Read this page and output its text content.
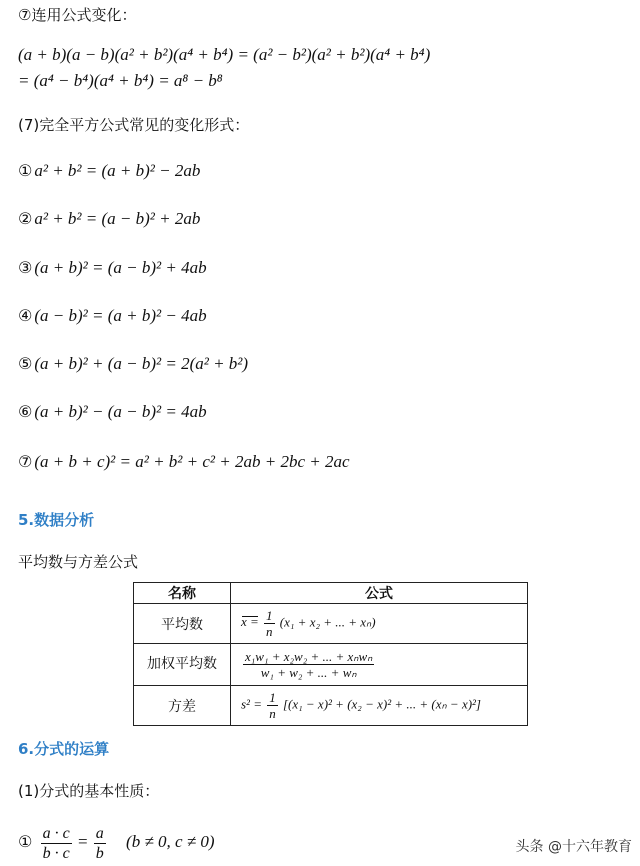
⑦连用公式变化：
(a + b)(a − b)(a² + b²)(a⁴ + b⁴) = (a² − b²)(a² + b²)(a⁴ + b⁴)
= (a⁴ − b⁴)(a⁴ + b⁴) = a⁸ − b⁸
(7)完全平方公式常见的变化形式：
① a² + b² = (a + b)² − 2ab
② a² + b² = (a − b)² + 2ab
③ (a + b)² = (a − b)² + 4ab
④ (a − b)² = (a + b)² − 4ab
⑤ (a + b)² + (a − b)² = 2(a² + b²)
⑥ (a + b)² − (a − b)² = 4ab
⑦ (a + b + c)² = a² + b² + c² + 2ab + 2bc + 2ac
5.数据分析
平均数与方差公式
名称	公式
平均数	$x = \frac{1}{n} (x_1 + x_2$ + ... + xₙ)
加权平均数	$\frac{\text{x₁w₁ + x₂w₂ + ... + xₙwₙ}}{\text{w₁ + w₂ + ... + wₙ}}$

方差	$s^2 = \frac{1}{n} [(x_1 - x)^2 + (x_2 - x)^2$ + ... + (xₙ − x)²]
6.分式的运算
(1)分式的基本性质：
① $\frac{a \cdot c}{b \cdot c} = \frac{a}{b} (b \ne 0$, c ≠ 0)	头条 @十六年教育
